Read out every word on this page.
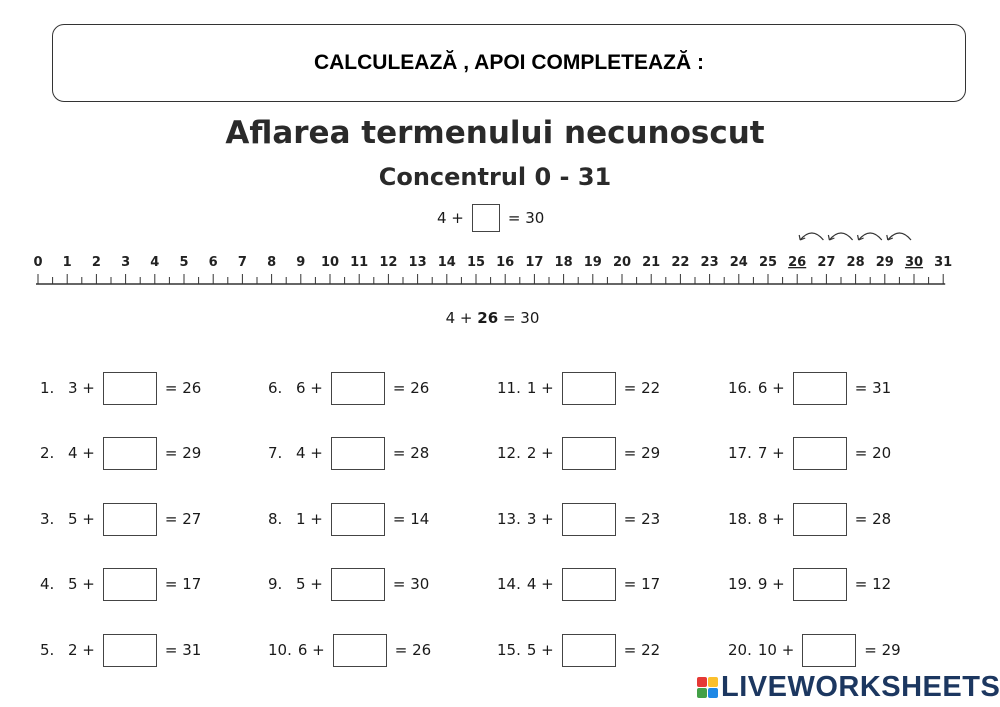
CALCULEAZĂ , APOI COMPLETEAZĂ :
Aflarea termenului necunoscut
Concentrul 0 - 31
4 +	= 30
0 1 2 3 4 5 6 7 8 9 10 11 12 13 14 15 16 17 18 19 20 21 22 23 24 25 26 27 28 29 30 31
4 + 26 = 30
1. 3 +	= 26
2. 4 +	= 29
3. 5 +	= 27
4. 5 +	= 17
5. 2 +	= 31
6. 6 +	= 26
7. 4 +	= 28
8. 1 +	= 14
9. 5 +	= 30
10. 6 +	= 26
11. 1 +	= 22
12. 2 +	= 29
13. 3 +	= 23
14. 4 +	= 17
15. 5 +	= 22
16. 6 +	= 31
17. 7 +	= 20
18. 8 +	= 28
19. 9 +	= 12
20. 10 +	= 29
LIVEWORKSHEETS
